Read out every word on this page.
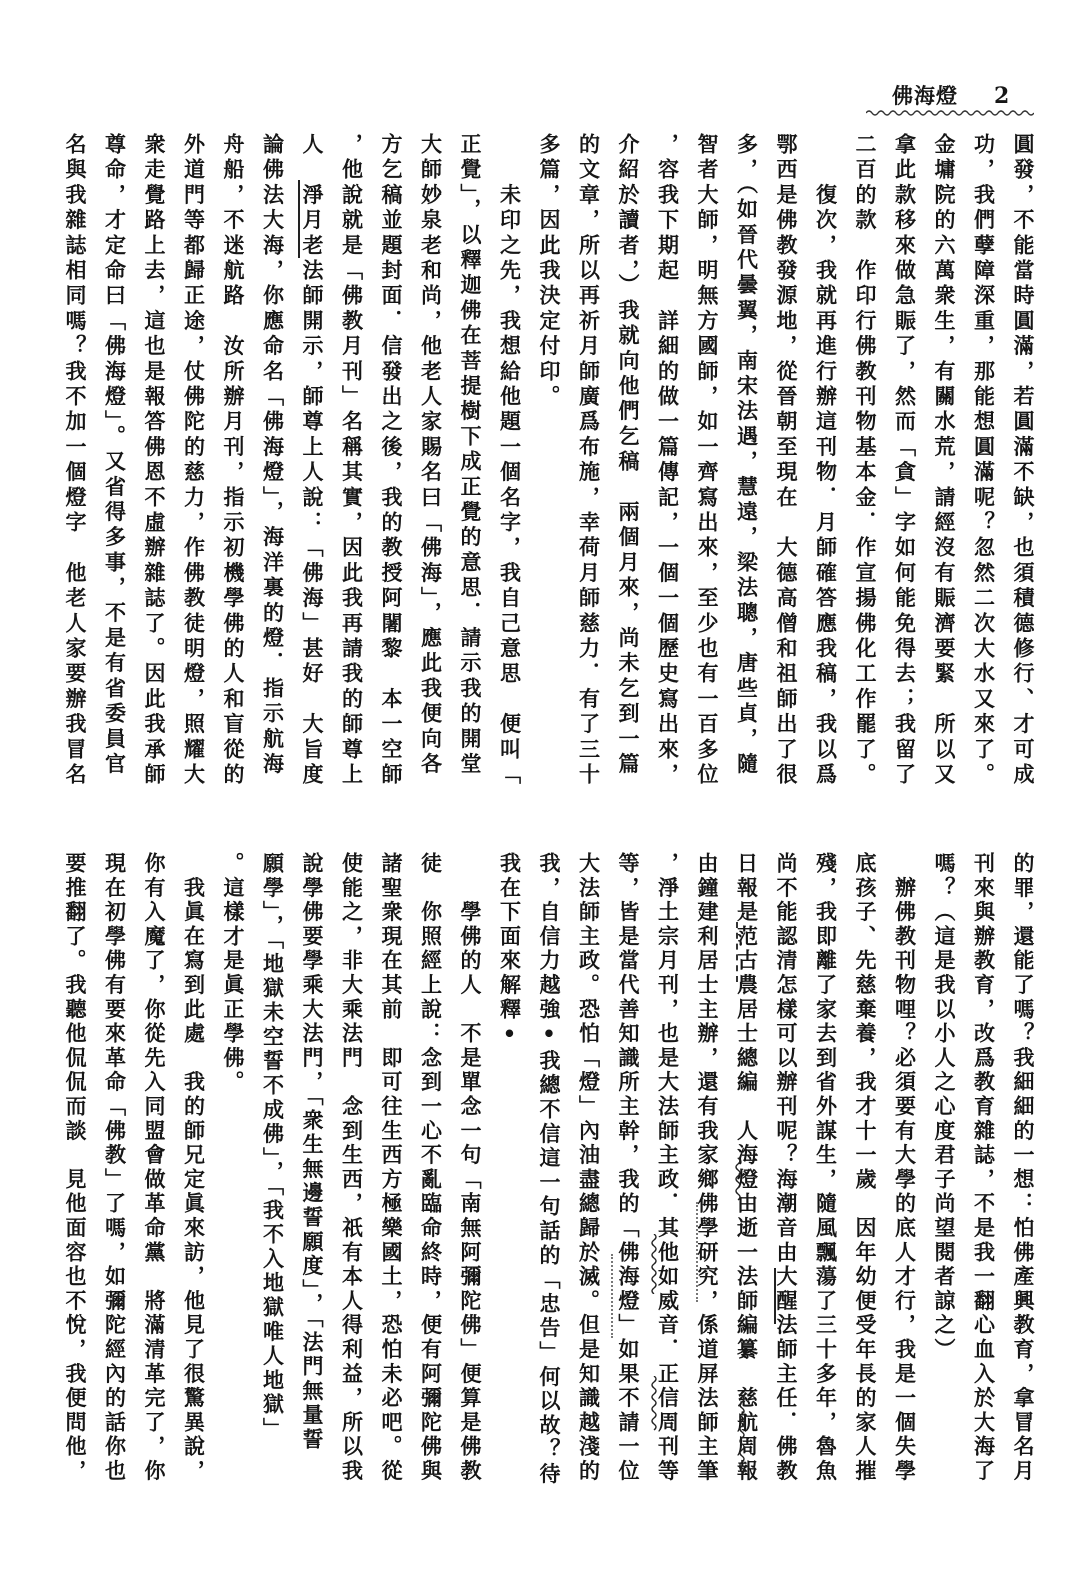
佛海燈 2
圓發，不能當時圓滿，若圓滿不缺，也須積德修行、才可成
功，我們孽障深重，那能想圓滿呢？忽然二次大水又來了。
金墉院的六萬衆生，有關水荒，請經沒有賑濟要緊　所以又
拿此款移來做急賑了，然而「貪」字如何能免得去；我留了
二百的款　作印行佛教刊物基本金．作宣揚佛化工作罷了。
　　復次，我就再進行辦這刊物．月師確答應我稿，我以爲
鄂西是佛教發源地，從晉朝至現在　大德高僧和祖師出了很
多，（如晉代曇翼，南宋法遇，慧遠，梁法聰，唐些貞，隨
智者大師，明無方國師，如一齊寫出來，至少也有一百多位
，容我下期起　詳細的做一篇傳記，一個一個歷史寫出來，
介紹於讀者，）我就向他們乞稿　兩個月來，尚未乞到一篇
的文章，所以再祈月師廣爲布施，幸荷月師慈力．有了三十
多篇，因此我決定付印。
　　未印之先，我想給他題一個名字，我自己意思　便叫「
正覺」，以釋迦佛在菩提樹下成正覺的意思．請示我的開堂
大師妙泉老和尚，他老人家賜名曰「佛海」，應此我便向各
方乞稿並題封面．信發出之後，我的教授阿闍黎　本一空師
，他說就是「佛教月刊」名稱其實，因此我再請我的師尊上
人　淨月老法師開示，師尊上人說：「佛海」甚好　大旨度
論佛法大海，你應命名「佛海燈」，海洋裏的燈．指示航海
舟船，不迷航路　汝所辦月刊，指示初機學佛的人和盲從的
外道門等都歸正途，仗佛陀的慈力，作佛教徒明燈，照耀大
衆走覺路上去，這也是報答佛恩不虛辦雜誌了。因此我承師
尊命，才定命曰「佛海燈」。又省得多事，不是有省委員官
名與我雜誌相同嗎？我不加一個燈字　他老人家要辦我冒名
的罪，還能了嗎？我細細的一想：怕佛產興教育，拿冒名月
刊來與辦教育，改爲教育雜誌，不是我一翻心血入於大海了
嗎？（這是我以小人之心度君子尚望閱者諒之）
　辦佛教刊物哩？必須要有大學的底人才行，我是一個失學
底孩子、先慈棄養，我才十一歲　因年幼便受年長的家人摧
殘，我即離了家去到省外謀生，隨風飄蕩了三十多年，魯魚
尚不能認清怎樣可以辦刊呢？海潮音由大醒法師主任．佛教
日報是范古農居士總編　人海燈由逝一法師編纂　慈航周報
由鐘建利居士主辦，還有我家鄉佛學研究，係道屏法師主筆
，淨土宗月刊，也是大法師主政．其他如威音．正信周刊等
等，皆是當代善知識所主幹，我的「佛海燈」如果不請一位
大法師主政。恐怕「燈」內油盡總歸於滅。但是知識越淺的
我，自信力越強•我總不信這一句話的「忠告」何以故？待
我在下面來解釋•
　　學佛的人　不是單念一句「南無阿彌陀佛」便算是佛教
徒　你照經上說：念到一心不亂臨命終時，便有阿彌陀佛與
諸聖衆現在其前　即可往生西方極樂國土，恐怕未必吧。從
使能之，非大乘法門　念到生西，祇有本人得利益，所以我
說學佛要學乘大法門，「衆生無邊誓願度」，「法門無量誓
願學」，「地獄未空誓不成佛」，「我不入地獄唯人地獄」
。這樣才是眞正學佛。
　我眞在寫到此處　我的師兄定眞來訪，他見了很驚異說，
你有入魔了，你從先入同盟會做革命黨　將滿清革完了，你
現在初學佛有要來革命「佛教」了嗎，如彌陀經內的話你也
要推翻了。我聽他侃侃而談　見他面容也不悅，我便問他，
